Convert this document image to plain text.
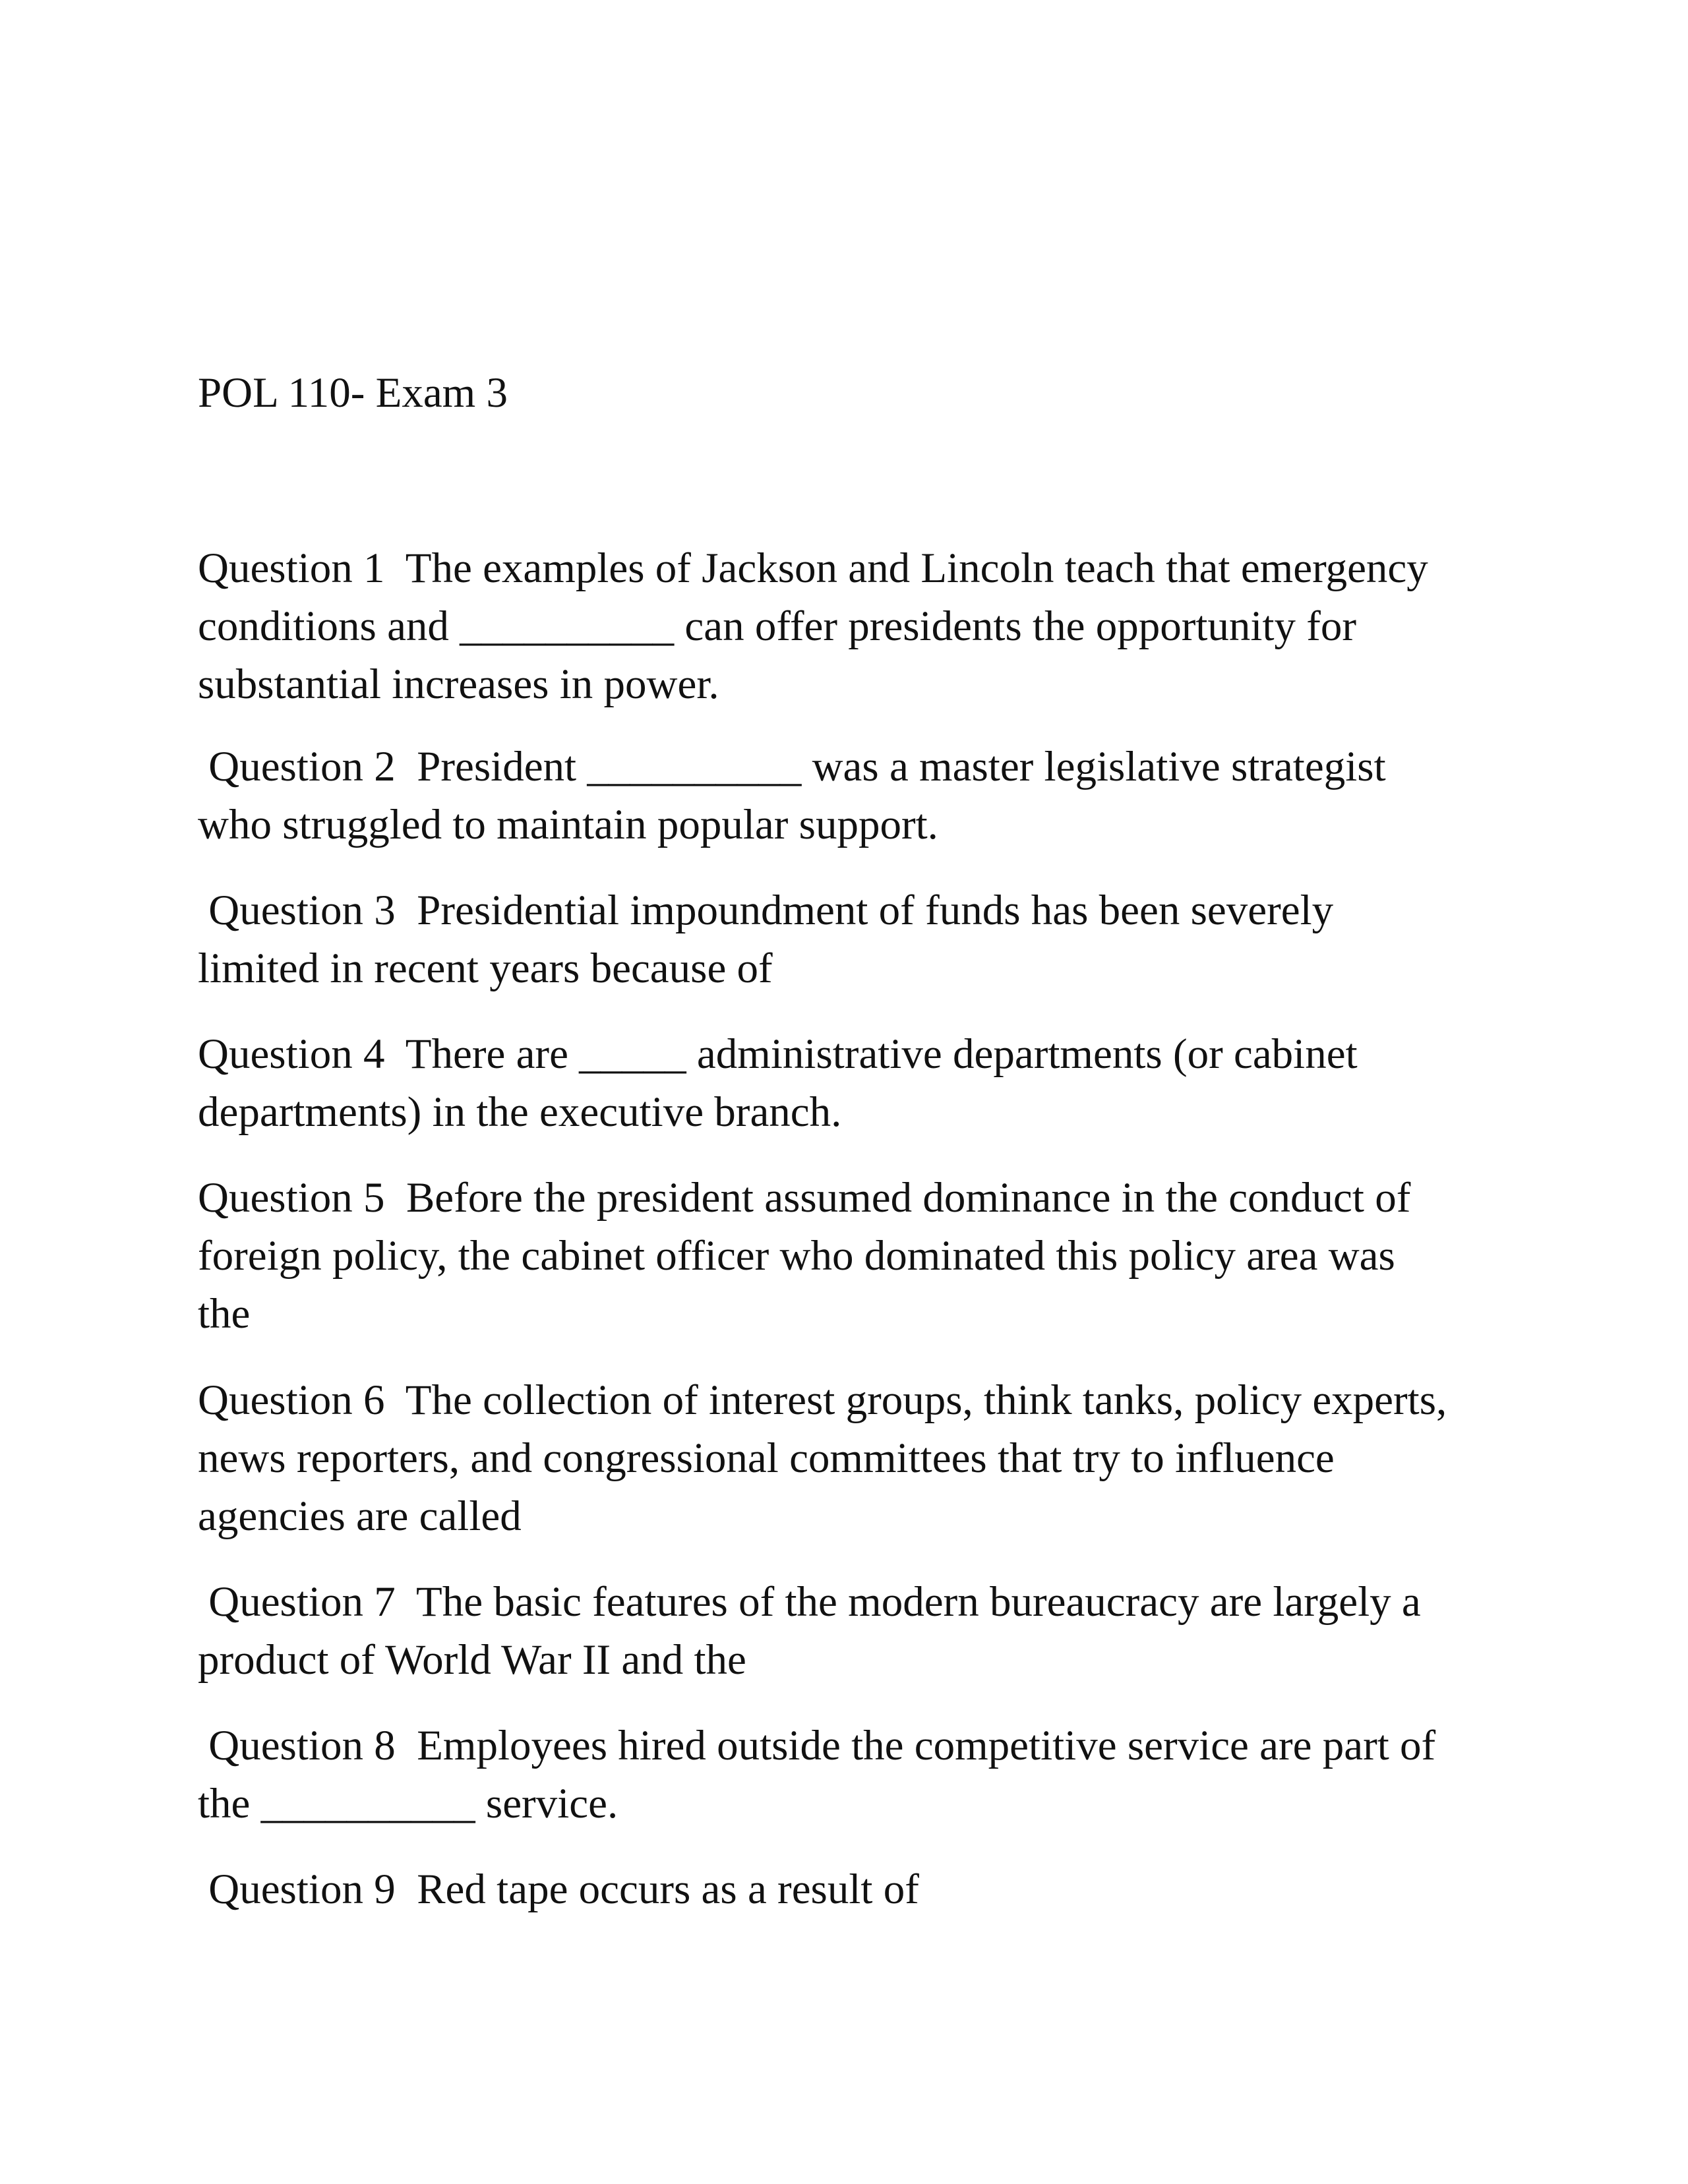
POL 110- Exam 3
Question 1  The examples of Jackson and Lincoln teach that emergency
conditions and __________ can offer presidents the opportunity for
substantial increases in power.
Question 2  President __________ was a master legislative strategist
who struggled to maintain popular support.
Question 3  Presidential impoundment of funds has been severely
limited in recent years because of
Question 4  There are _____ administrative departments (or cabinet
departments) in the executive branch.
Question 5  Before the president assumed dominance in the conduct of
foreign policy, the cabinet officer who dominated this policy area was
the
Question 6  The collection of interest groups, think tanks, policy experts,
news reporters, and congressional committees that try to influence
agencies are called
Question 7  The basic features of the modern bureaucracy are largely a
product of World War II and the
Question 8  Employees hired outside the competitive service are part of
the __________ service.
Question 9  Red tape occurs as a result of
